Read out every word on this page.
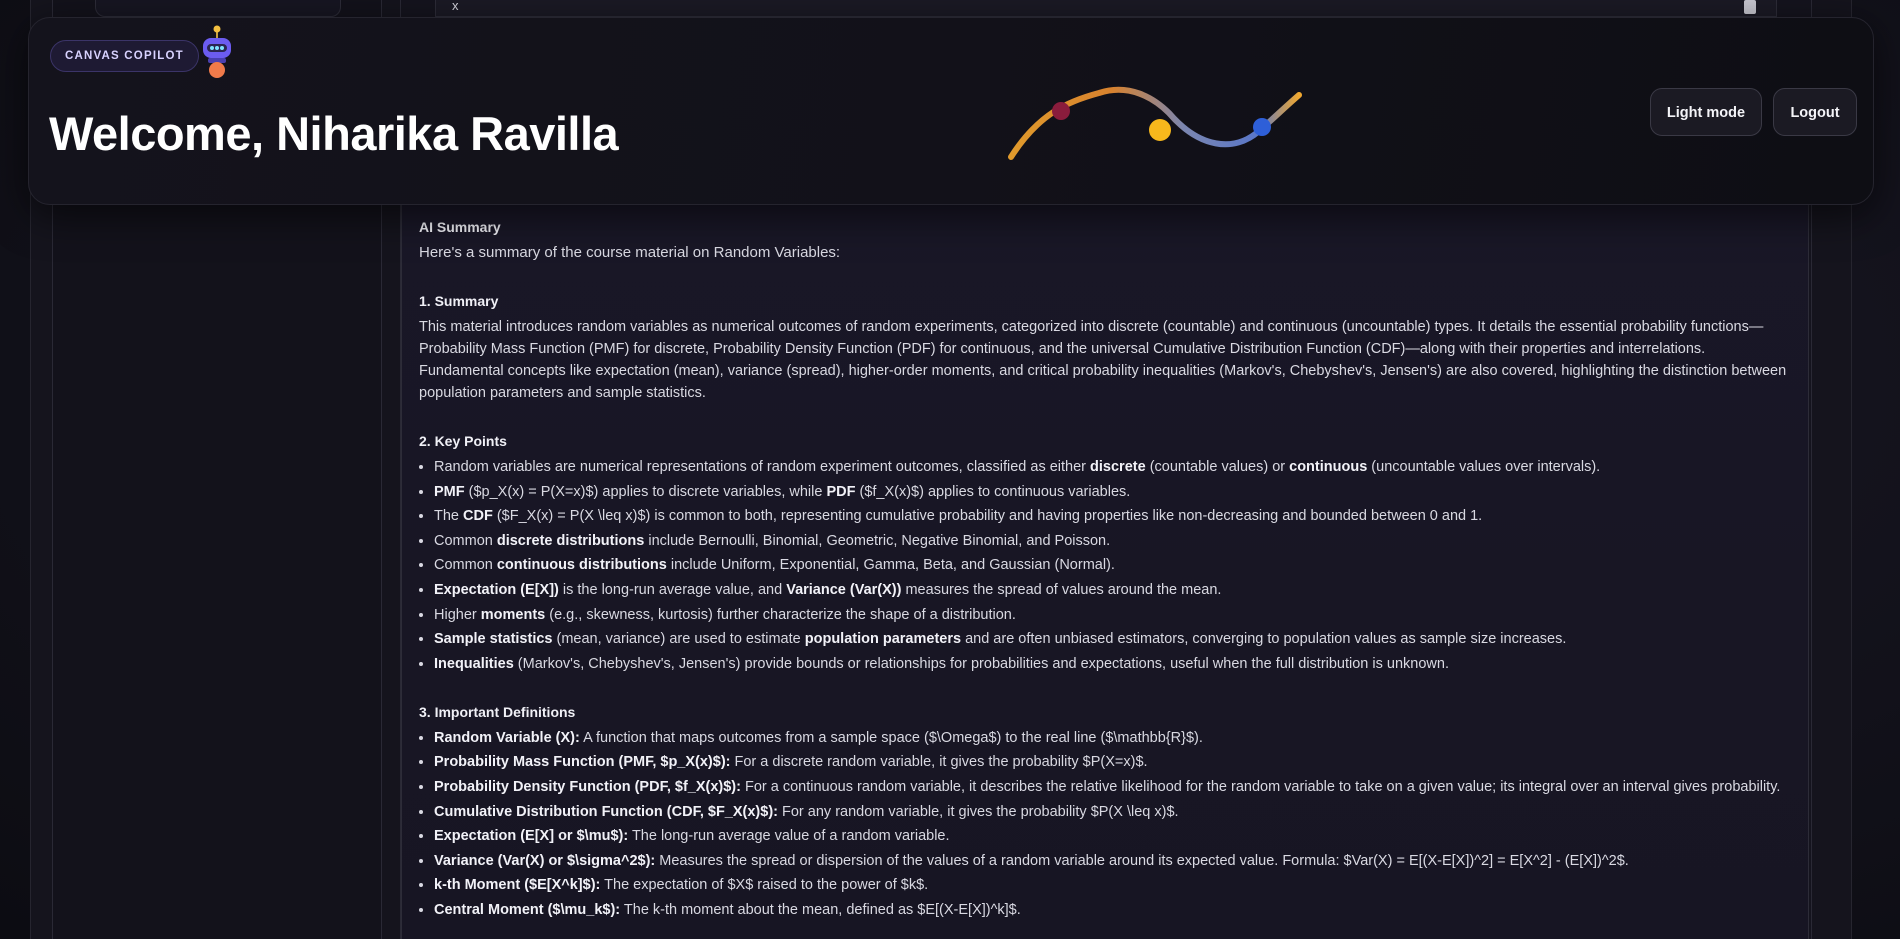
x
AI Summary
Here's a summary of the course material on Random Variables:
1. Summary
This material introduces random variables as numerical outcomes of random experiments, categorized into discrete (countable) and continuous (uncountable) types. It details the essential probability functions—Probability Mass Function (PMF) for discrete, Probability Density Function (PDF) for continuous, and the universal Cumulative Distribution Function (CDF)—along with their properties and interrelations. Fundamental concepts like expectation (mean), variance (spread), higher-order moments, and critical probability inequalities (Markov's, Chebyshev's, Jensen's) are also covered, highlighting the distinction between population parameters and sample statistics.
2. Key Points
• Random variables are numerical representations of random experiment outcomes, classified as either discrete (countable values) or continuous (uncountable values over intervals).
• PMF ($p_X(x) = P(X=x)$) applies to discrete variables, while PDF ($f_X(x)$) applies to continuous variables.
• The CDF ($F_X(x) = P(X \leq x)$) is common to both, representing cumulative probability and having properties like non-decreasing and bounded between 0 and 1.
• Common discrete distributions include Bernoulli, Binomial, Geometric, Negative Binomial, and Poisson.
• Common continuous distributions include Uniform, Exponential, Gamma, Beta, and Gaussian (Normal).
• Expectation (E[X]) is the long-run average value, and Variance (Var(X)) measures the spread of values around the mean.
• Higher moments (e.g., skewness, kurtosis) further characterize the shape of a distribution.
• Sample statistics (mean, variance) are used to estimate population parameters and are often unbiased estimators, converging to population values as sample size increases.
• Inequalities (Markov's, Chebyshev's, Jensen's) provide bounds or relationships for probabilities and expectations, useful when the full distribution is unknown.
3. Important Definitions
• Random Variable (X): A function that maps outcomes from a sample space ($\Omega$) to the real line ($\mathbb{R}$).
• Probability Mass Function (PMF, $p_X(x)$): For a discrete random variable, it gives the probability $P(X=x)$.
• Probability Density Function (PDF, $f_X(x)$): For a continuous random variable, it describes the relative likelihood for the random variable to take on a given value; its integral over an interval gives probability.
• Cumulative Distribution Function (CDF, $F_X(x)$): For any random variable, it gives the probability $P(X \leq x)$.
• Expectation (E[X] or $\mu$): The long-run average value of a random variable.
• Variance (Var(X) or $\sigma^2$): Measures the spread or dispersion of the values of a random variable around its expected value. Formula: $Var(X) = E[(X-E[X])^2] = E[X^2] - (E[X])^2$.
• k-th Moment ($E[X^k]$): The expectation of $X$ raised to the power of $k$.
• Central Moment ($\mu_k$): The k-th moment about the mean, defined as $E[(X-E[X])^k]$.
CANVAS COPILOT
Welcome, Niharika Ravilla	Light mode	Logout
